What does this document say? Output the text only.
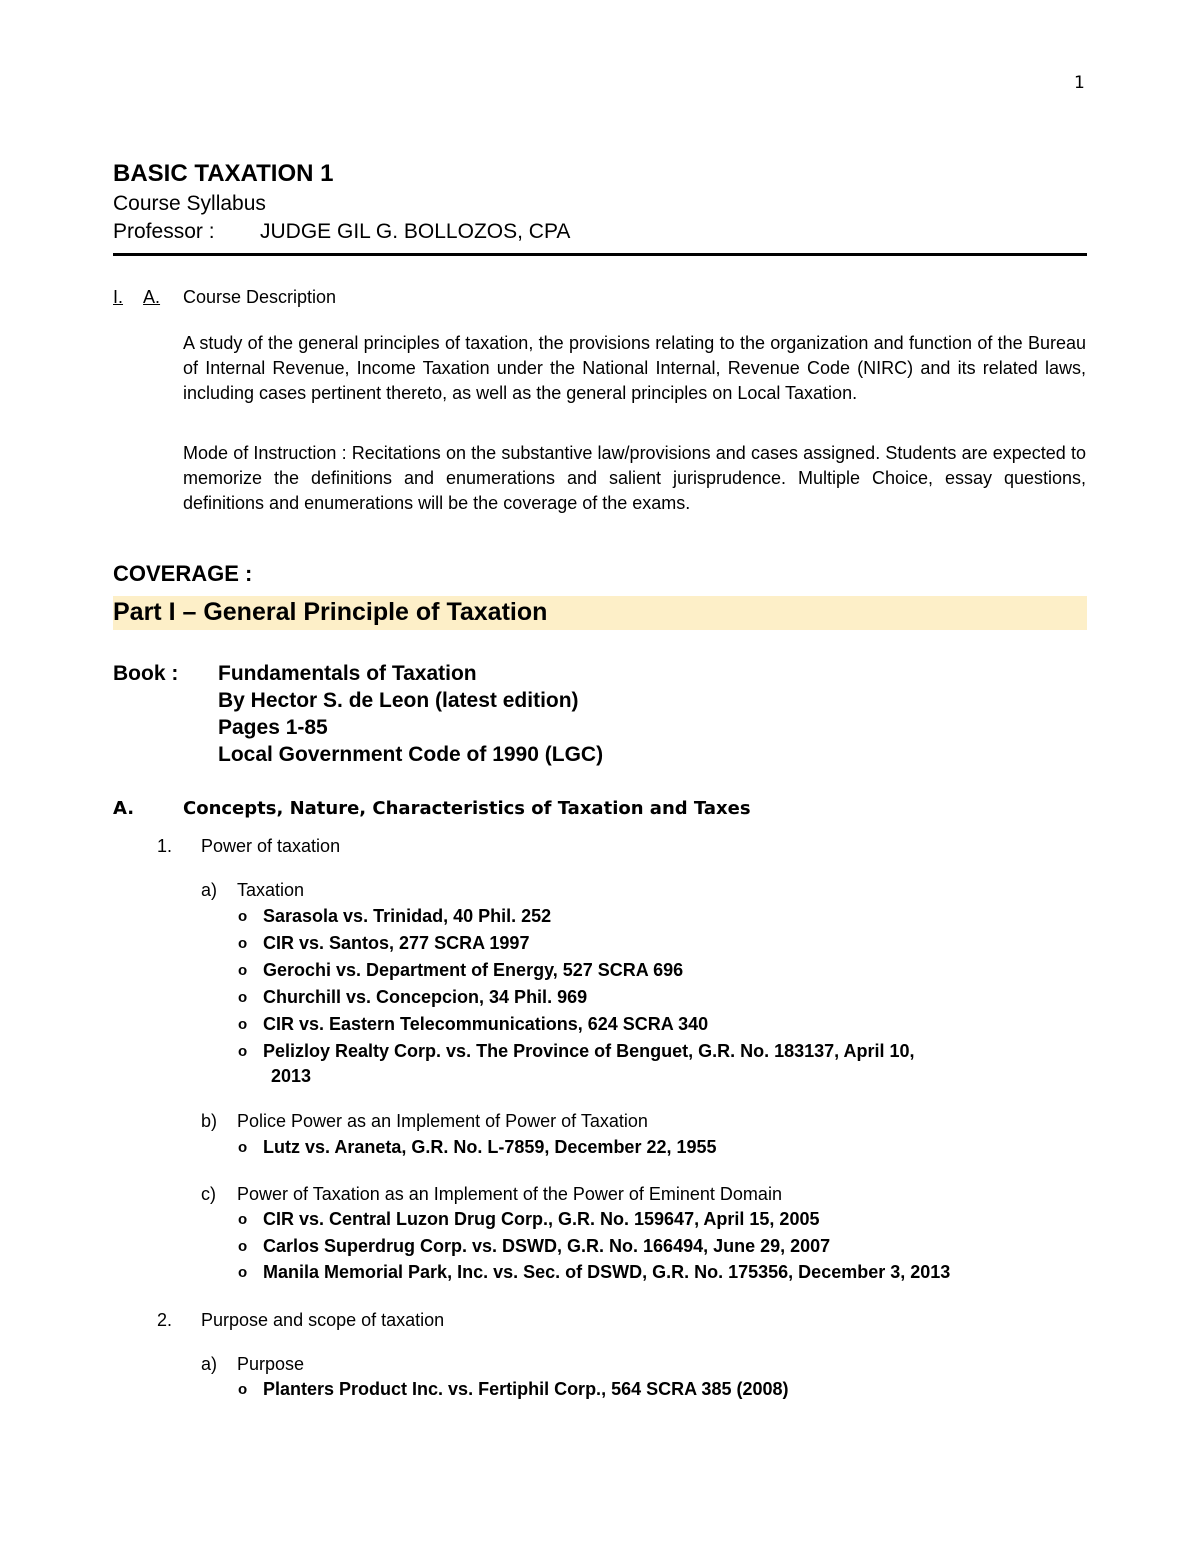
1
BASIC TAXATION 1
Course Syllabus
Professor : JUDGE GIL G. BOLLOZOS, CPA
I. A. Course Description
A study of the general principles of taxation, the provisions relating to the organization and function of the Bureau of Internal Revenue, Income Taxation under the National Internal, Revenue Code (NIRC) and its related laws, including cases pertinent thereto, as well as the general principles on Local Taxation.
Mode of Instruction : Recitations on the substantive law/provisions and cases assigned. Students are expected to memorize the definitions and enumerations and salient jurisprudence. Multiple Choice, essay questions, definitions and enumerations will be the coverage of the exams.
COVERAGE :
Part I – General Principle of Taxation
Book : Fundamentals of Taxation
By Hector S. de Leon (latest edition)
Pages 1-85
Local Government Code of 1990 (LGC)
A.	Concepts, Nature, Characteristics of Taxation and Taxes
1. Power of taxation
a) Taxation
o Sarasola vs. Trinidad, 40 Phil. 252
o CIR vs. Santos, 277 SCRA 1997
o Gerochi vs. Department of Energy, 527 SCRA 696
o Churchill vs. Concepcion, 34 Phil. 969
o CIR vs. Eastern Telecommunications, 624 SCRA 340
o Pelizloy Realty Corp. vs. The Province of Benguet, G.R. No. 183137, April 10,
2013
b) Police Power as an Implement of Power of Taxation
o Lutz vs. Araneta, G.R. No. L-7859, December 22, 1955
c) Power of Taxation as an Implement of the Power of Eminent Domain
o CIR vs. Central Luzon Drug Corp., G.R. No. 159647, April 15, 2005
o Carlos Superdrug Corp. vs. DSWD, G.R. No. 166494, June 29, 2007
o Manila Memorial Park, Inc. vs. Sec. of DSWD, G.R. No. 175356, December 3, 2013
2. Purpose and scope of taxation
a) Purpose
o Planters Product Inc. vs. Fertiphil Corp., 564 SCRA 385 (2008)
